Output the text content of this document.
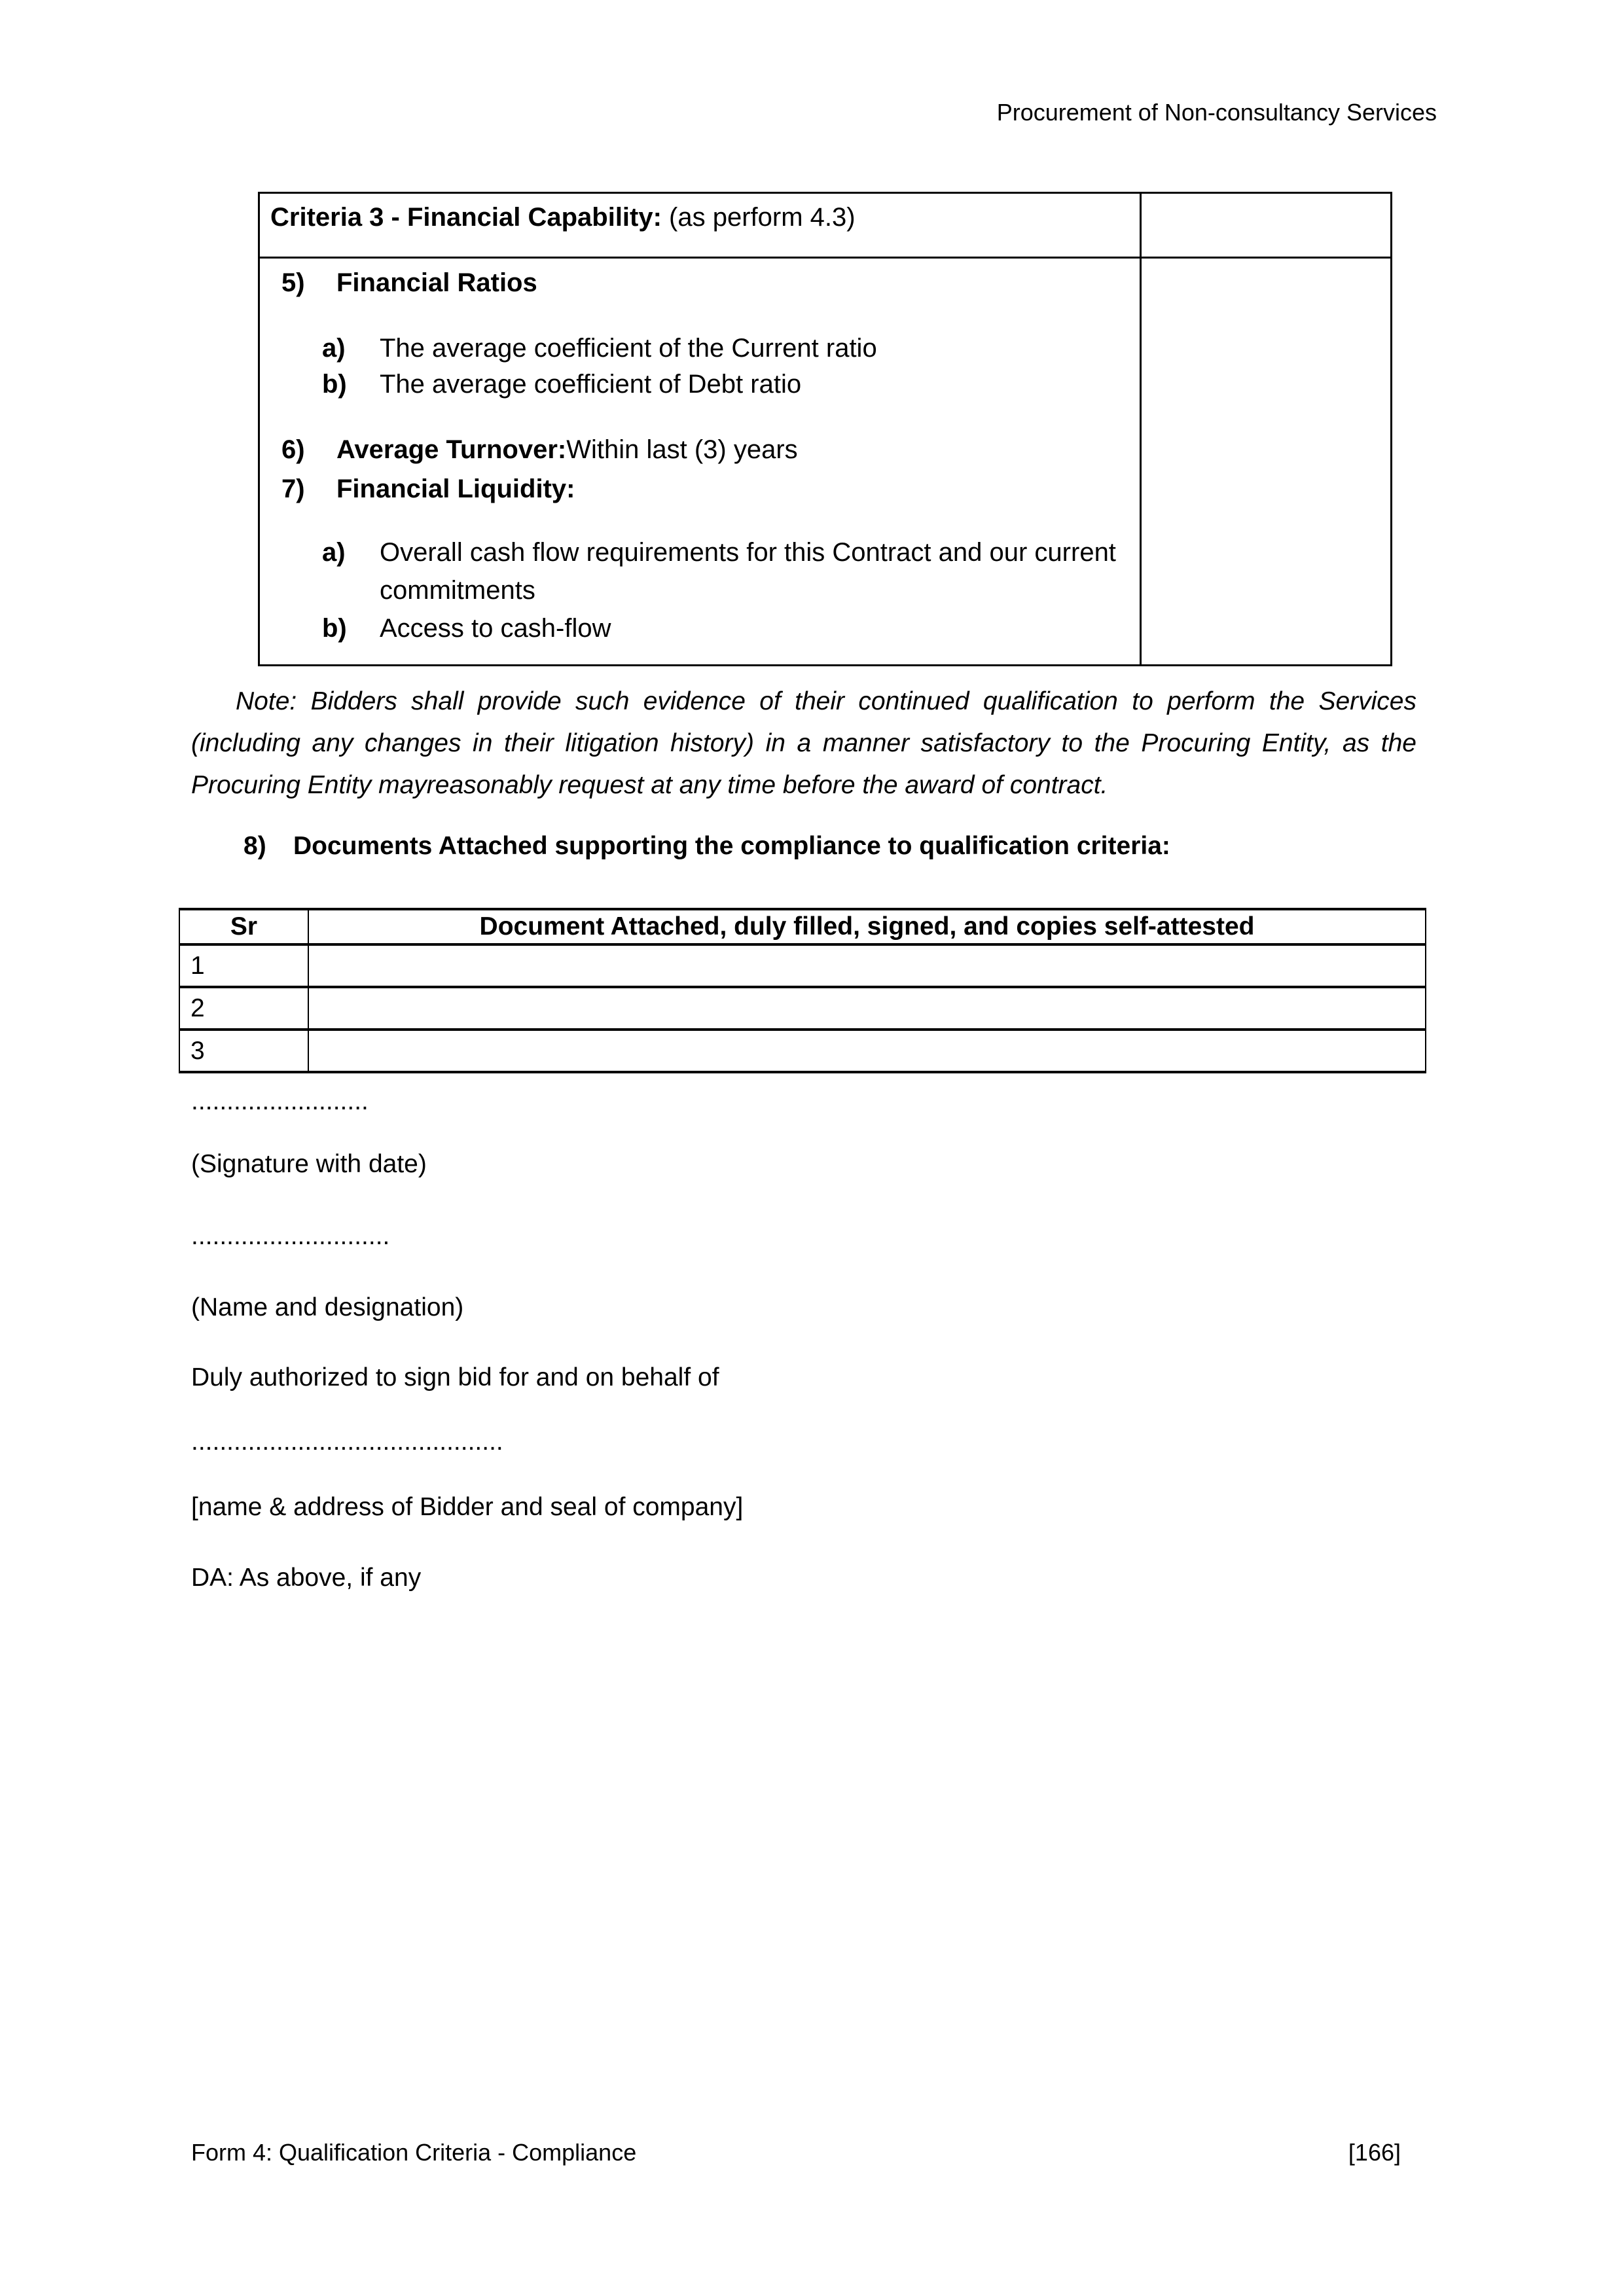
Procurement of Non-consultancy Services
Criteria 3 - Financial Capability: (as perform 4.3)	

5)	Financial Ratios
a)	The average coefficient of the Current ratio
b)	The average coefficient of Debt ratio
6)	Average Turnover:Within last (3) years
7)	Financial Liquidity:
a)	Overall cash flow requirements for this Contract and our current commitments
b)	Access to cash-flow

Note: Bidders shall provide such evidence of their continued qualification to perform the Services (including any changes in their litigation history) in a manner satisfactory to the Procuring Entity, as the Procuring Entity mayreasonably request at any time before the award of contract.
8)	Documents Attached supporting the compliance to qualification criteria:
Sr	Document Attached, duly filled, signed, and copies self-attested
1	
2	
3	
.........................
(Signature with date)
............................
(Name and designation)
Duly authorized to sign bid for and on behalf of
............................................
[name & address of Bidder and seal of company]
DA: As above, if any
Form 4: Qualification Criteria - Compliance	[166]
